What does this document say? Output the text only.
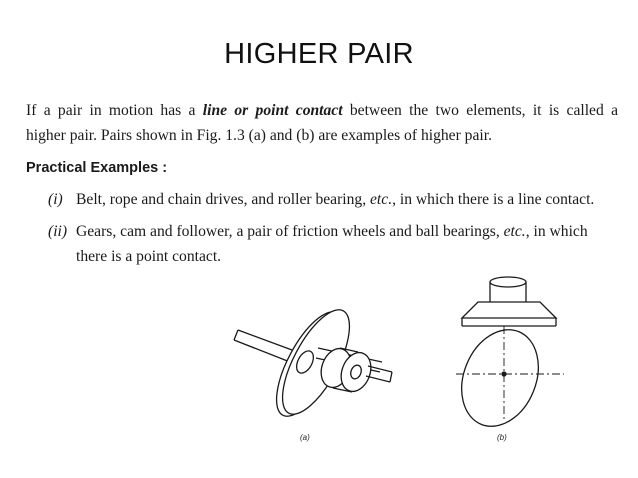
HIGHER PAIR
If a pair in motion has a line or point contact between the two elements, it is called a
higher pair. Pairs shown in Fig. 1.3 (a) and (b) are examples of higher pair.
Practical Examples :
(i) Belt, rope and chain drives, and roller bearing, etc., in which there is a line contact.
(ii) Gears, cam and follower, a pair of friction wheels and ball bearings, etc., in which
there is a point contact.
(a)	(b)
